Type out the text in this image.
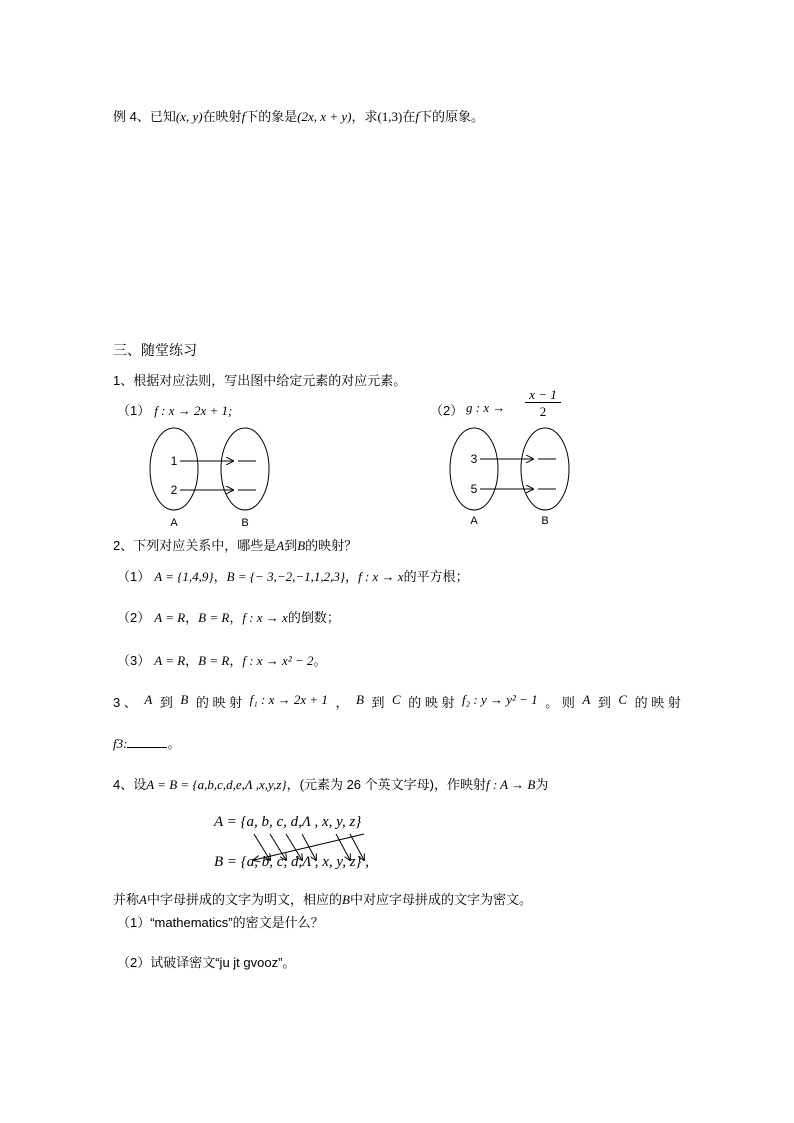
例 4、已知(x, y)在映射f下的象是(2x, x + y)，求(1,3)在f下的原象。
三、随堂练习
1、根据对应法则，写出图中给定元素的对应元素。
（1） f : x → 2x + 1;	（2） g : x →
x − 1
2
1
2
A	B
3
5
A	B
2、下列对应关系中，哪些是A到B的映射？
（1） A = {1,4,9}，B = {− 3,−2,−1,1,2,3}，f : x → x的平方根；
（2） A = R，B = R，f : x → x的倒数；
（3） A = R，B = R，f : x → x² − 2。
3 、 A 到 B 的 映 射 f₁ : x → 2x + 1 ， B 到 C 的 映 射 f₂ : y → y² − 1 。 则 A 到 C 的 映 射
f3:	。
4、设A = B = {a,b,c,d,e,Λ ,x,y,z}，(元素为 26 个英文字母)，作映射f : A → B为
A = {a, b, c, d,Λ , x, y, z}
B = {a, b, c, d,Λ , x, y, z} ,
并称A中字母拼成的文字为明文，相应的B中对应字母拼成的文字为密文。
（1）“mathematics”的密文是什么？
（2）试破译密文“ju jt gvooz”。
